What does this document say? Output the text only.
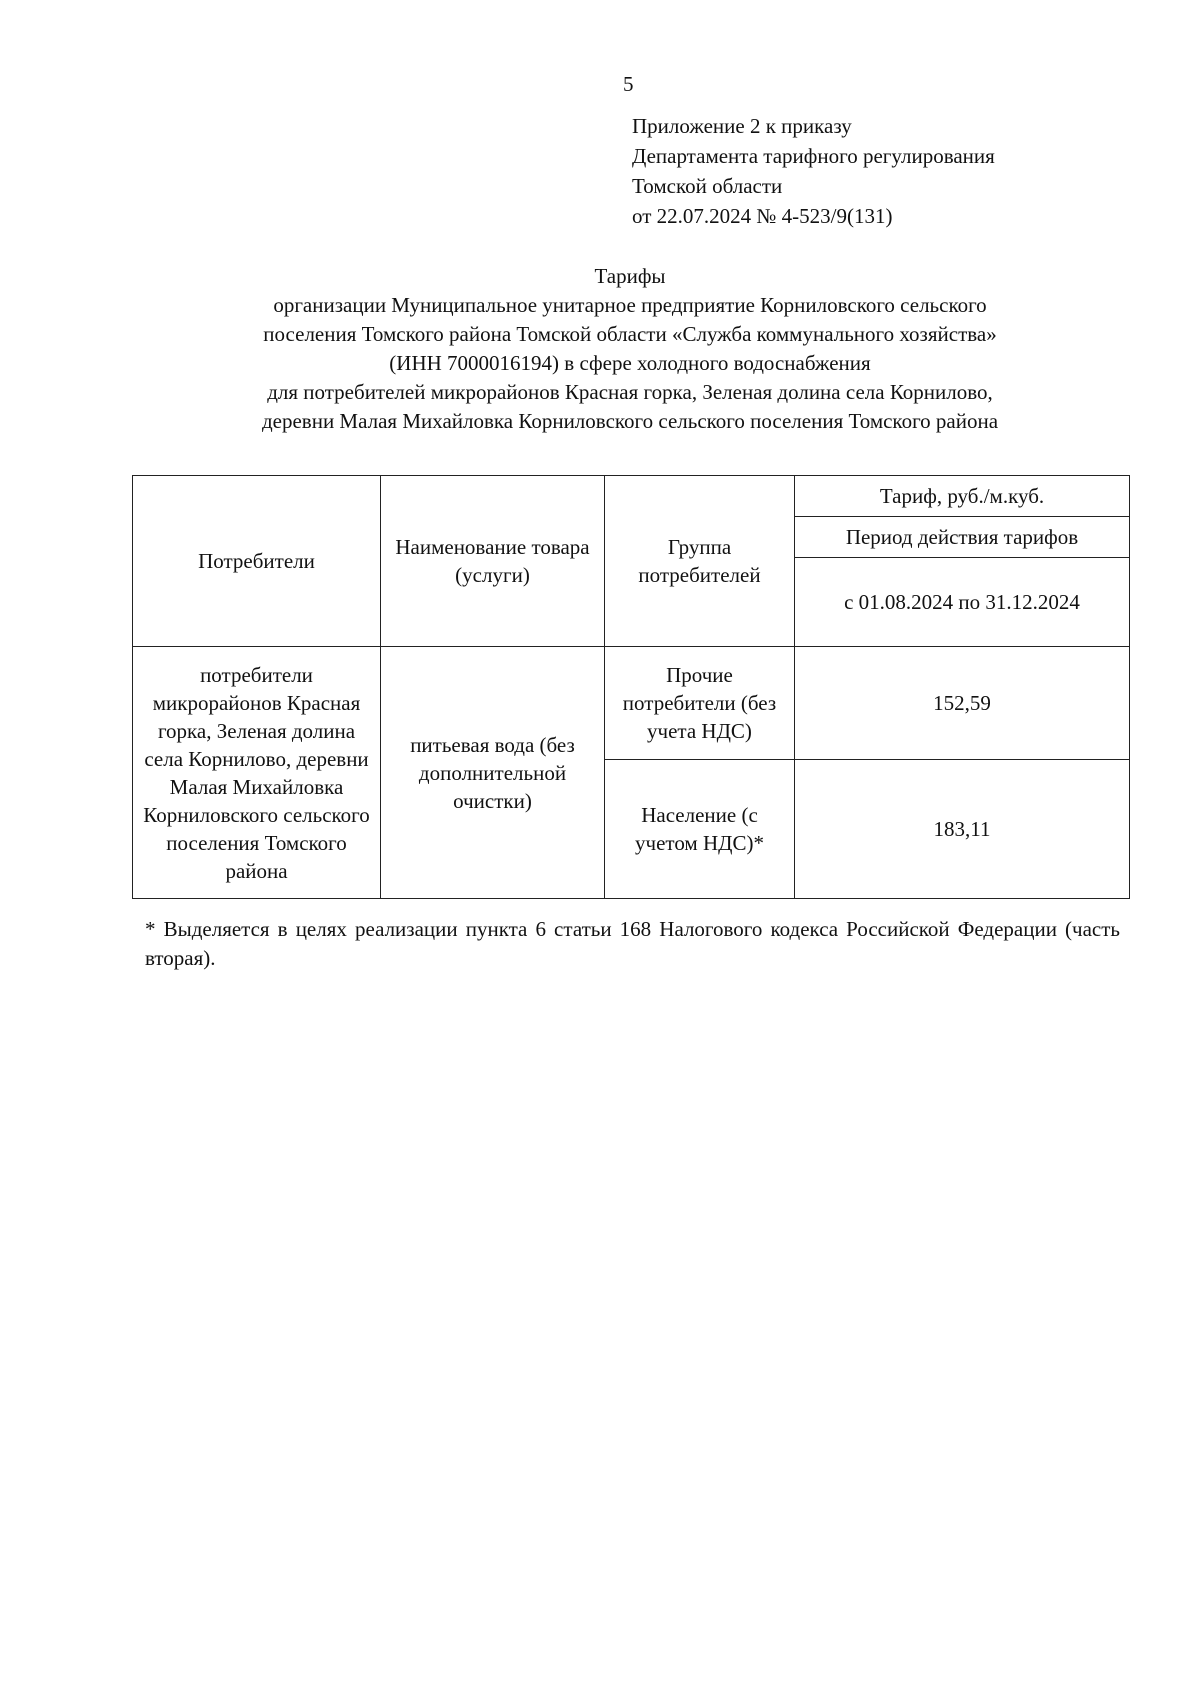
5
Приложение 2 к приказу
Департамента тарифного регулирования
Томской области
от 22.07.2024 № 4-523/9(131)
Тарифы
организации Муниципальное унитарное предприятие Корниловского сельского
поселения Томского района Томской области «Служба коммунального хозяйства»
(ИНН 7000016194) в сфере холодного водоснабжения
для потребителей микрорайонов Красная горка, Зеленая долина села Корнилово,
деревни Малая Михайловка Корниловского сельского поселения Томского района
Потребители	Наименование товара (услуги)	Группа потребителей	Тариф, руб./м.куб.
			Период действия тарифов
			с 01.08.2024 по 31.12.2024
потребители микрорайонов Красная горка, Зеленая долина села Корнилово, деревни Малая Михайловка Корниловского сельского поселения Томского района	питьевая вода (без дополнительной очистки)	Прочие потребители (без учета НДС)	152,59
		Население (с учетом НДС)*	183,11
* Выделяется в целях реализации пункта 6 статьи 168 Налогового кодекса Российской Федерации (часть вторая).
